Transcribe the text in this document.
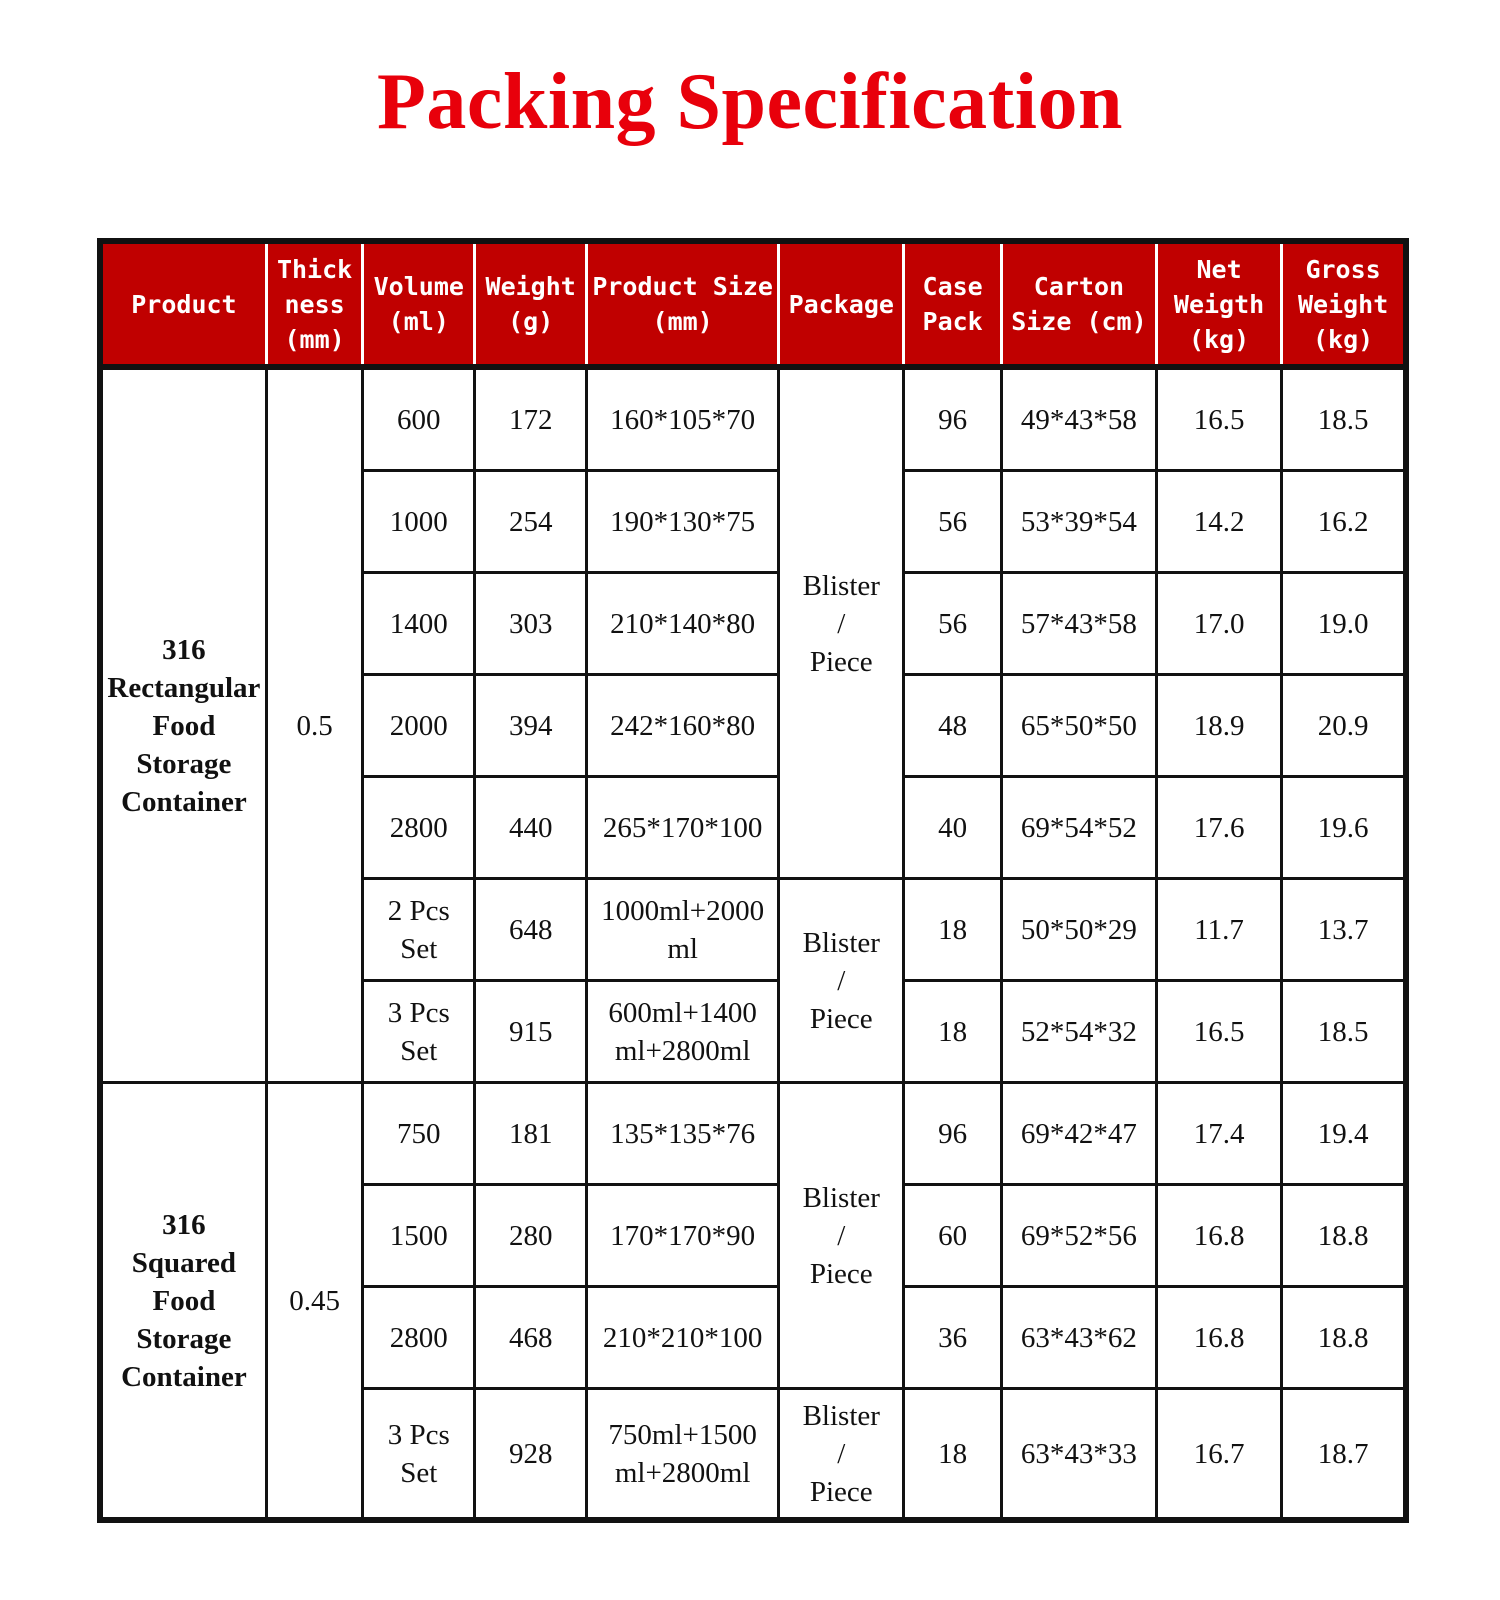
Packing Specification
Product	Thick
ness
(mm)	Volume
(ml)	Weight
(g)	Product Size
(mm)	Package	Case
Pack	Carton
Size (cm)	Net
Weigth
(kg)	Gross
Weight
(kg)

316
Rectangular
Food
Storage
Container	0.5	600	172	160*105*70	Blister
/
Piece	96	49*43*58	16.5	18.5

		1000	254	190*130*75		56	53*39*54	14.2	16.2

		1400	303	210*140*80		56	57*43*58	17.0	19.0

		2000	394	242*160*80		48	65*50*50	18.9	20.9

		2800	440	265*170*100		40	69*54*52	17.6	19.6

		2 Pcs
Set	648	1000ml+2000
ml	Blister
/
Piece	18	50*50*29	11.7	13.7

		3 Pcs
Set	915	600ml+1400
ml+2800ml		18	52*54*32	16.5	18.5

316
Squared
Food
Storage
Container	0.45	750	181	135*135*76	Blister
/
Piece	96	69*42*47	17.4	19.4

		1500	280	170*170*90		60	69*52*56	16.8	18.8

		2800	468	210*210*100		36	63*43*62	16.8	18.8

		3 Pcs
Set	928	750ml+1500
ml+2800ml	Blister
/
Piece	18	63*43*33	16.7	18.7
